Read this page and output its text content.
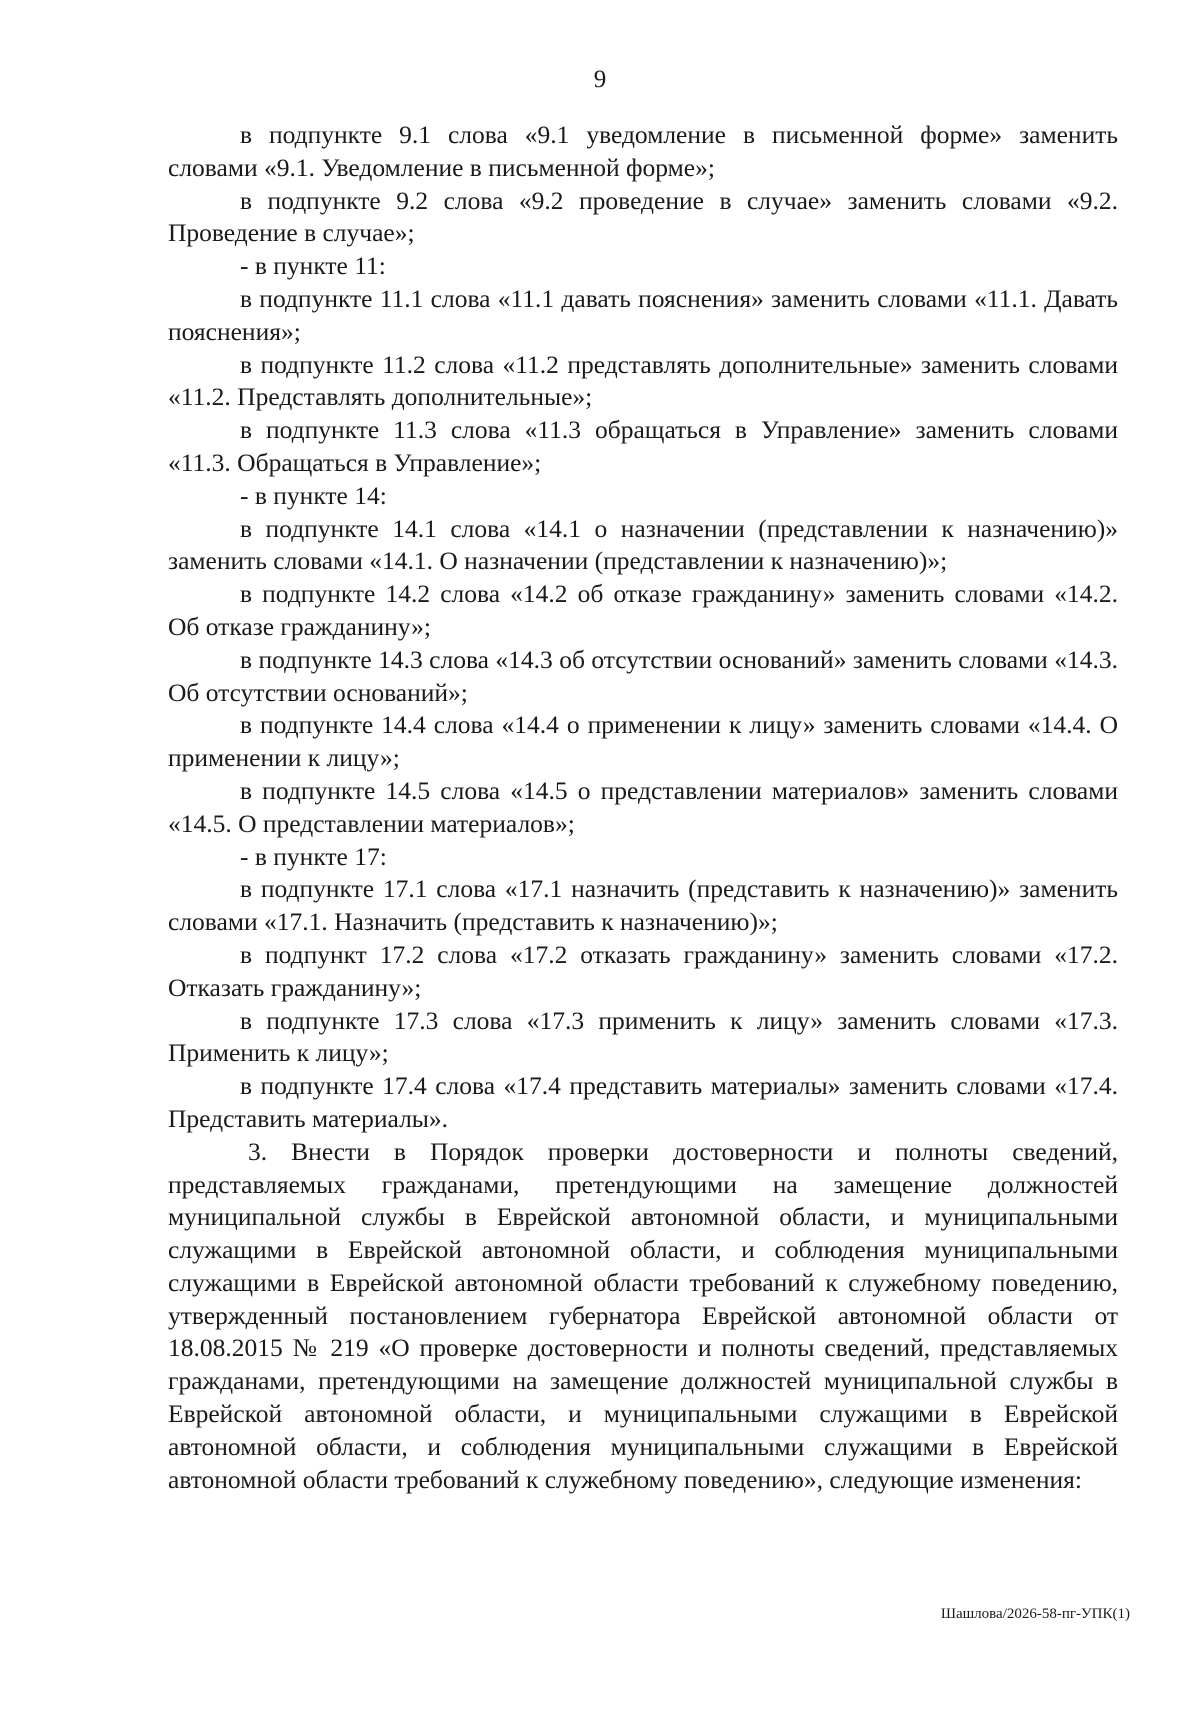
9

в подпункте 9.1 слова «9.1 уведомление в письменной форме» заменить словами «9.1. Уведомление в письменной форме»;

в подпункте 9.2 слова «9.2 проведение в случае» заменить словами «9.2. Проведение в случае»;

- в пункте 11:

в подпункте 11.1 слова «11.1 давать пояснения» заменить словами «11.1. Давать пояснения»;

в подпункте 11.2 слова «11.2 представлять дополнительные» заменить словами «11.2. Представлять дополнительные»;

в подпункте 11.3 слова «11.3 обращаться в Управление» заменить словами «11.3. Обращаться в Управление»;

- в пункте 14:

в подпункте 14.1 слова «14.1 о назначении (представлении к назначению)» заменить словами «14.1. О назначении (представлении к назначению)»;

в подпункте 14.2 слова «14.2 об отказе гражданину» заменить словами «14.2. Об отказе гражданину»;

в подпункте 14.3 слова «14.3 об отсутствии оснований» заменить словами «14.3. Об отсутствии оснований»;

в подпункте 14.4 слова «14.4 о применении к лицу» заменить словами «14.4. О применении к лицу»;

в подпункте 14.5 слова «14.5 о представлении материалов» заменить словами «14.5. О представлении материалов»;

- в пункте 17:

в подпункте 17.1 слова «17.1 назначить (представить к назначению)» заменить словами «17.1. Назначить (представить к назначению)»;

в подпункт 17.2 слова «17.2 отказать гражданину» заменить словами «17.2. Отказать гражданину»;

в подпункте 17.3 слова «17.3 применить к лицу» заменить словами «17.3. Применить к лицу»;

в подпункте 17.4 слова «17.4 представить материалы» заменить словами «17.4. Представить материалы».

3. Внести в Порядок проверки достоверности и полноты сведений, представляемых гражданами, претендующими на замещение должностей муниципальной службы в Еврейской автономной области, и муниципальными служащими в Еврейской автономной области, и соблюдения муниципальными служащими в Еврейской автономной области требований к служебному поведению, утвержденный постановлением губернатора Еврейской автономной области от 18.08.2015 № 219 «О проверке достоверности и полноты сведений, представляемых гражданами, претендующими на замещение должностей муниципальной службы в Еврейской автономной области, и муниципальными служащими в Еврейской автономной области, и соблюдения муниципальными служащими в Еврейской автономной области требований к служебному поведению», следующие изменения:

Шашлова/2026-58-пг-УПК(1)
